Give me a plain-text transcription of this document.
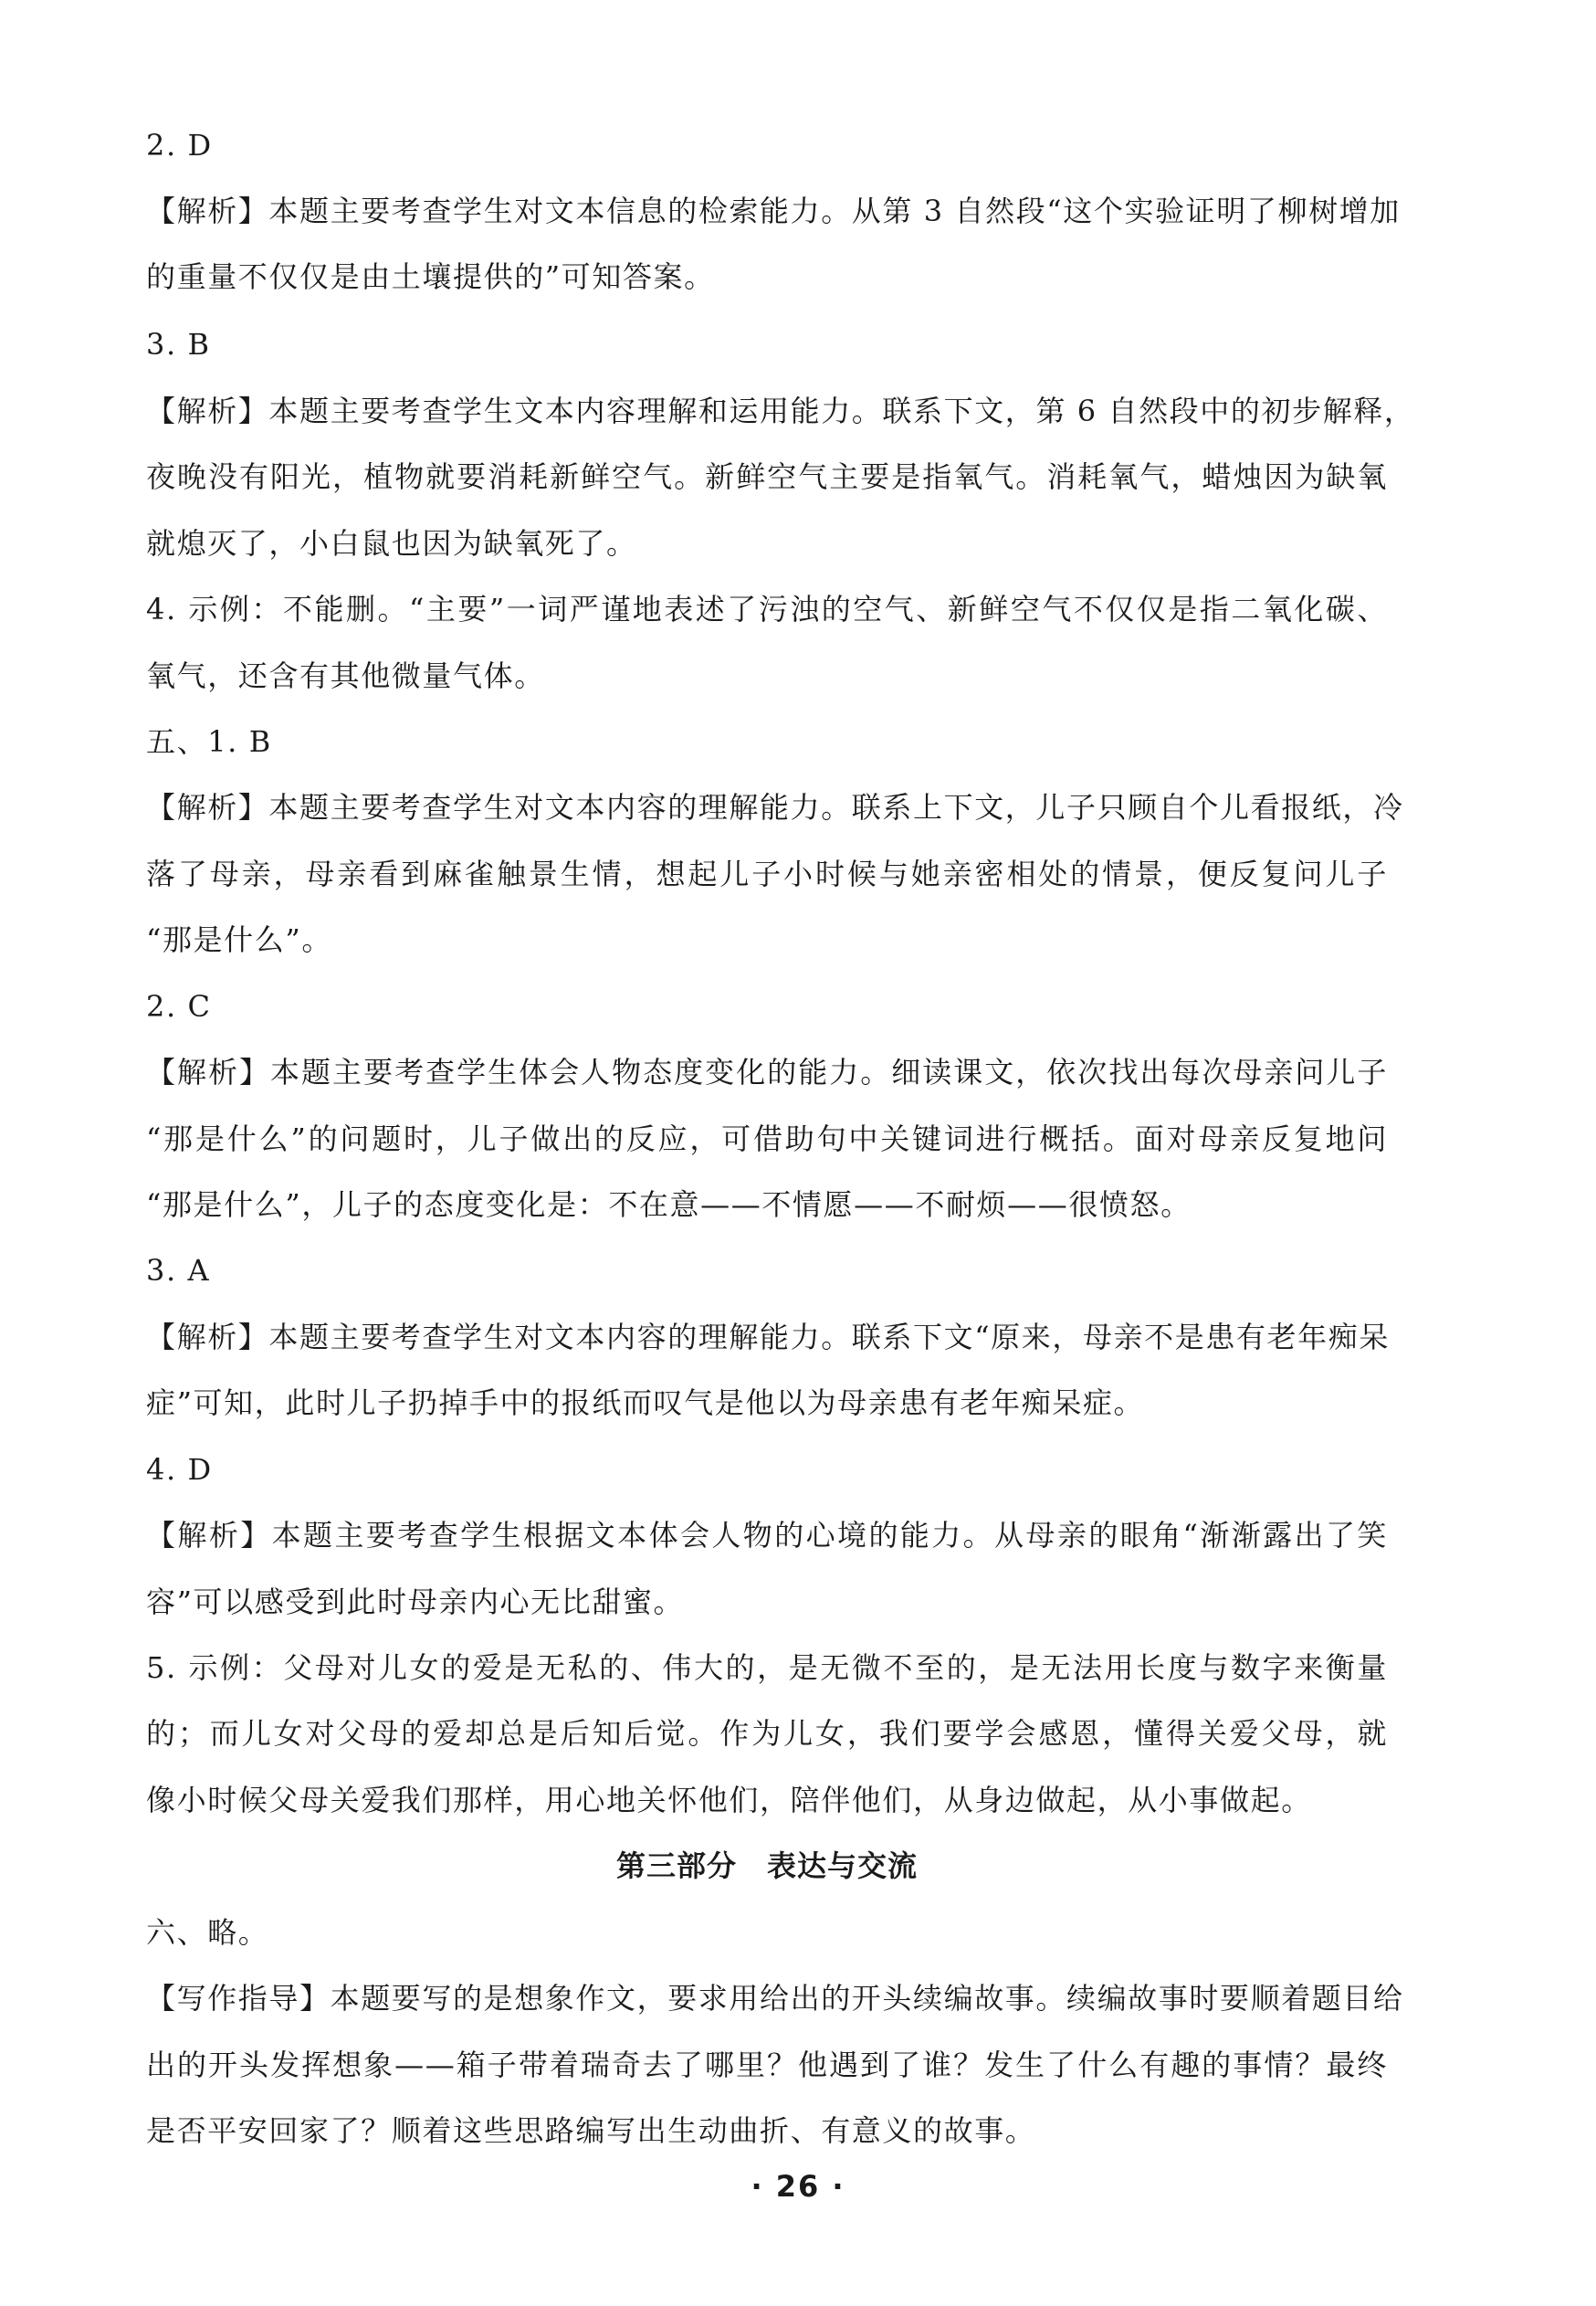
2. D
【解析】本题主要考查学生对文本信息的检索能力。从第 3 自然段“这个实验证明了柳树增加
的重量不仅仅是由土壤提供的”可知答案。
3. B
【解析】本题主要考查学生文本内容理解和运用能力。联系下文，第 6 自然段中的初步解释，
夜晚没有阳光，植物就要消耗新鲜空气。新鲜空气主要是指氧气。消耗氧气，蜡烛因为缺氧
就熄灭了，小白鼠也因为缺氧死了。
4. 示例：不能删。“主要”一词严谨地表述了污浊的空气、新鲜空气不仅仅是指二氧化碳、
氧气，还含有其他微量气体。
五、1. B
【解析】本题主要考查学生对文本内容的理解能力。联系上下文，儿子只顾自个儿看报纸，冷
落了母亲，母亲看到麻雀触景生情，想起儿子小时候与她亲密相处的情景，便反复问儿子
“那是什么”。
2. C
【解析】本题主要考查学生体会人物态度变化的能力。细读课文，依次找出每次母亲问儿子
“那是什么”的问题时，儿子做出的反应，可借助句中关键词进行概括。面对母亲反复地问
“那是什么”，儿子的态度变化是：不在意——不情愿——不耐烦——很愤怒。
3. A
【解析】本题主要考查学生对文本内容的理解能力。联系下文“原来，母亲不是患有老年痴呆
症”可知，此时儿子扔掉手中的报纸而叹气是他以为母亲患有老年痴呆症。
4. D
【解析】本题主要考查学生根据文本体会人物的心境的能力。从母亲的眼角“渐渐露出了笑
容”可以感受到此时母亲内心无比甜蜜。
5. 示例：父母对儿女的爱是无私的、伟大的，是无微不至的，是无法用长度与数字来衡量
的；而儿女对父母的爱却总是后知后觉。作为儿女，我们要学会感恩，懂得关爱父母，就
像小时候父母关爱我们那样，用心地关怀他们，陪伴他们，从身边做起，从小事做起。
第三部分　表达与交流
六、略。
【写作指导】本题要写的是想象作文，要求用给出的开头续编故事。续编故事时要顺着题目给
出的开头发挥想象——箱子带着瑞奇去了哪里？他遇到了谁？发生了什么有趣的事情？最终
是否平安回家了？顺着这些思路编写出生动曲折、有意义的故事。
· 26 ·
